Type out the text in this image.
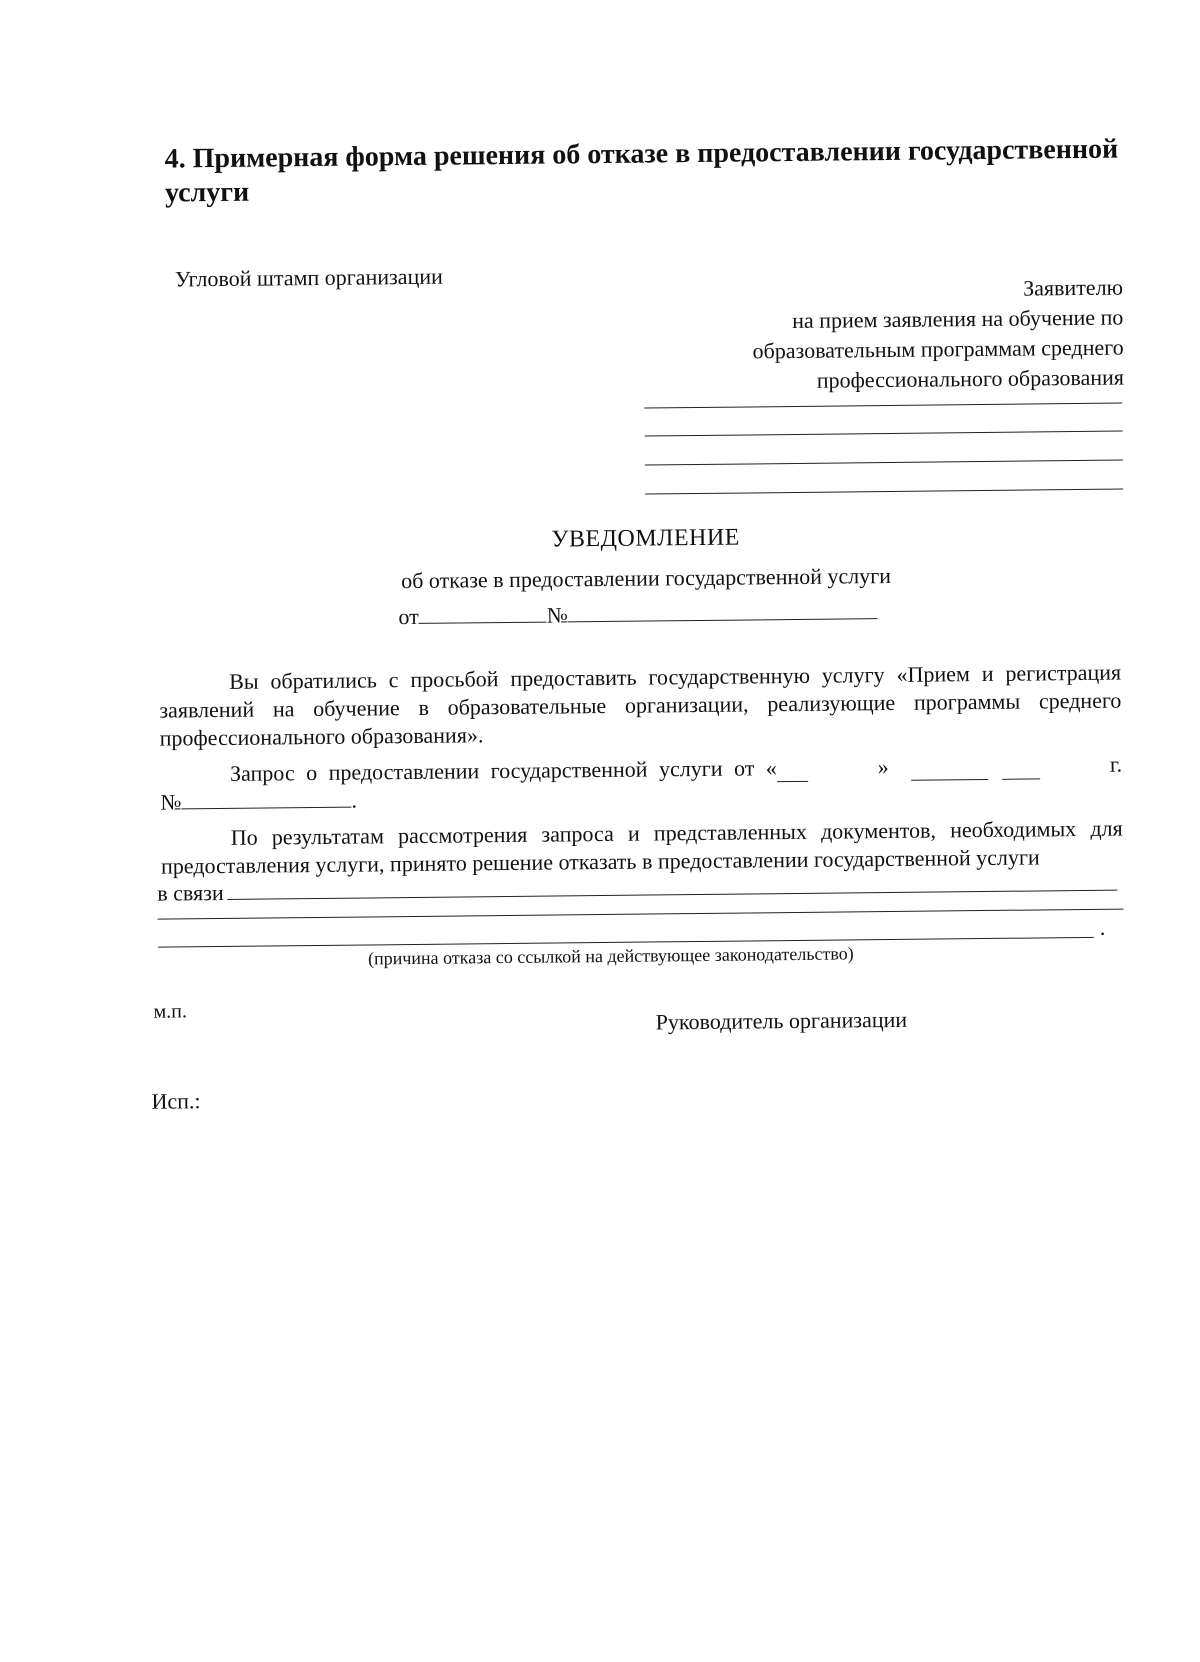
4. Примерная форма решения об отказе в предоставлении государственной услуги
Угловой штамп организации	Заявителю
на прием заявления на обучение по
образовательным программам среднего
профессионального образования
УВЕДОМЛЕНИЕ
об отказе в предоставлении государственной услуги
от	№
Вы обратились с просьбой предоставить государственную услугу «Прием и регистрация заявлений на обучение в образовательные организации, реализующие программы среднего профессионального образования».
Запрос о предоставлении государственной услуги от «	»	г.
№	.
По результатам рассмотрения запроса и представленных документов, необходимых для предоставления услуги, принято решение отказать в предоставлении государственной услуги
в связи
.
(причина отказа со ссылкой на действующее законодательство)
м.п.	Руководитель организации
Исп.:
